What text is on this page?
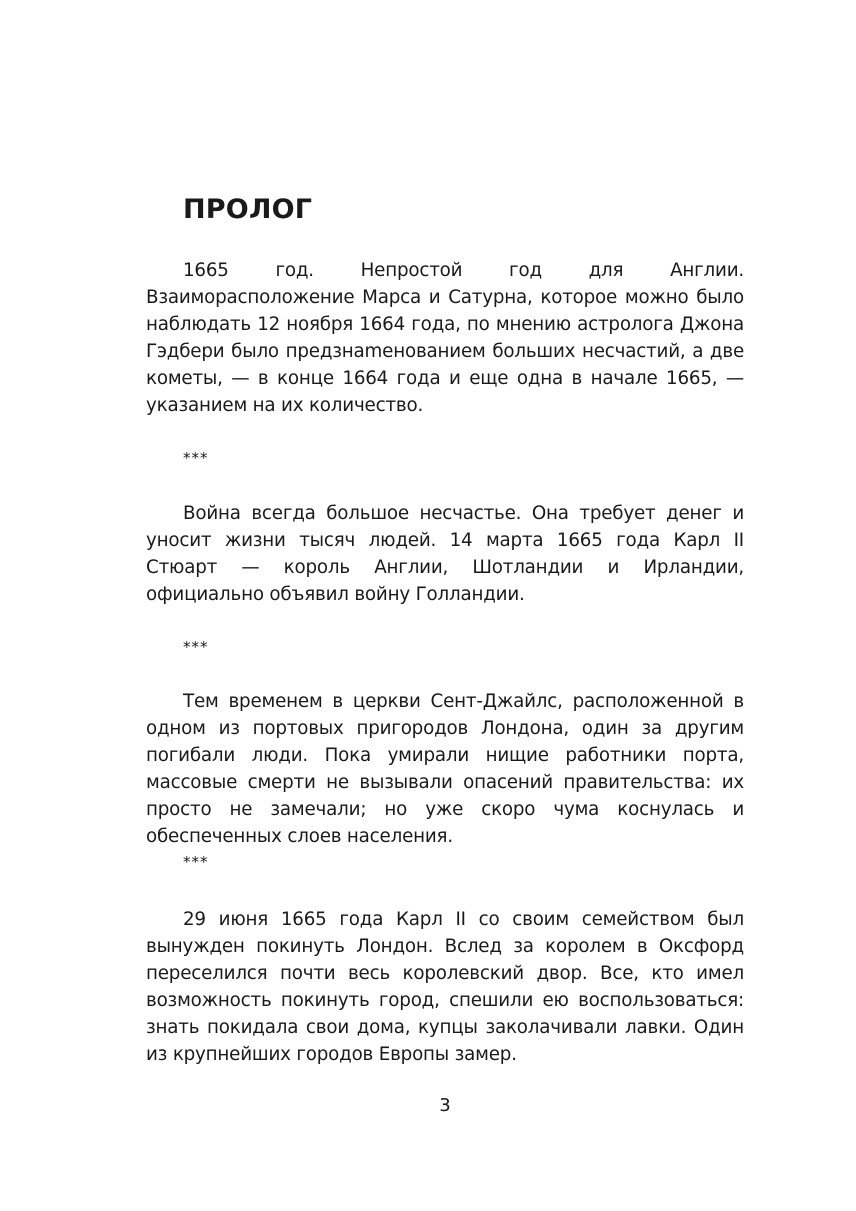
ПРОЛОГ

1665 год. Непростой год для Англии. Взаиморасположение Марса и Сатурна, которое можно было наблюдать 12 ноября 1664 года, по мнению астролога Джона Гэдбери было предзнаmенованием больших несчастий, а две кометы, — в конце 1664 года и еще одна в начале 1665, — указанием на их количество.

***

Война всегда большое несчастье. Она требует денег и уносит жизни тысяч людей. 14 марта 1665 года Карл II Стюарт — король Англии, Шотландии и Ирландии, официально объявил войну Голландии.

***

Тем временем в церкви Сент-Джайлс, расположенной в одном из портовых пригородов Лондона, один за другим погибали люди. Пока умирали нищие работники порта, массовые смерти не вызывали опасений правительства: их просто не замечали; но уже скоро чума коснулась и обеспеченных слоев населения.

***

29 июня 1665 года Карл II со своим семейством был вынужден покинуть Лондон. Вслед за королем в Оксфорд переселился почти весь королевский двор. Все, кто имел возможность покинуть город, спешили ею воспользоваться: знать покидала свои дома, купцы заколачивали лавки. Один из крупнейших городов Европы замер.

3
